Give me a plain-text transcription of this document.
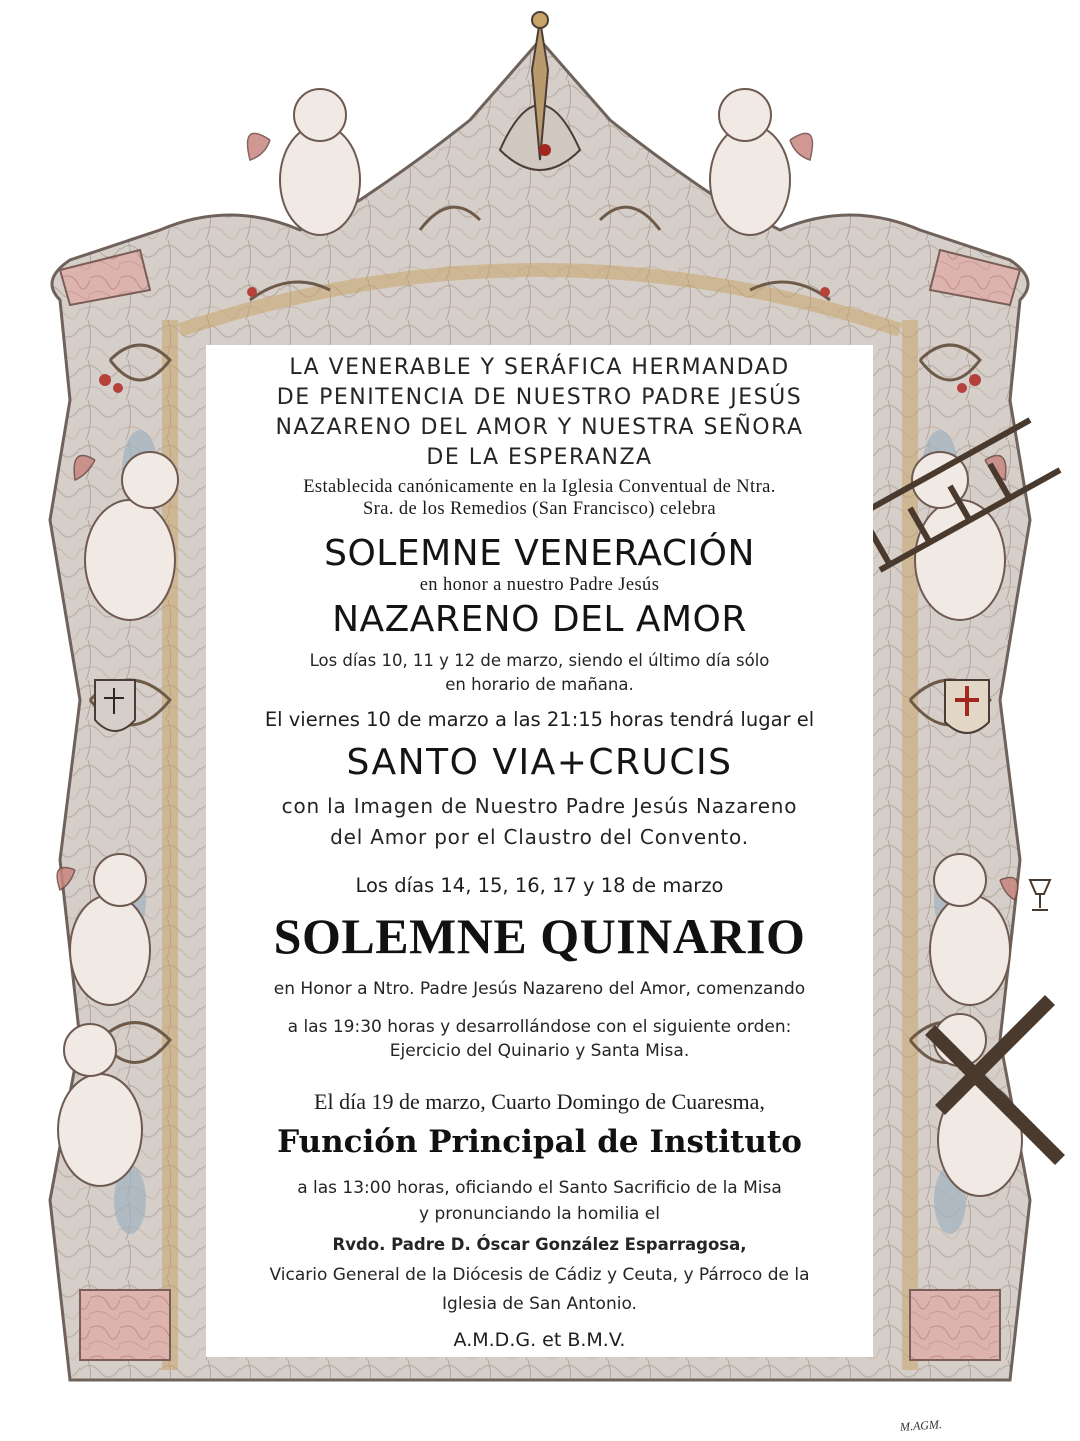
LA VENERABLE Y SERÁFICA HERMANDAD
DE PENITENCIA DE NUESTRO PADRE JESÚS
NAZARENO DEL AMOR Y NUESTRA SEÑORA
DE LA ESPERANZA
Establecida canónicamente en la Iglesia Conventual de Ntra.
Sra. de los Remedios (San Francisco) celebra
SOLEMNE VENERACIÓN
en honor a nuestro Padre Jesús
NAZARENO DEL AMOR
Los días 10, 11 y 12 de marzo, siendo el último día sólo
en horario de mañana.
El viernes 10 de marzo a las 21:15 horas tendrá lugar el
SANTO VIA+CRUCIS
con la Imagen de Nuestro Padre Jesús Nazareno
del Amor por el Claustro del Convento.
Los días 14, 15, 16, 17 y 18 de marzo
SOLEMNE QUINARIO
en Honor a Ntro. Padre Jesús Nazareno del Amor, comenzando
a las 19:30 horas y desarrollándose con el siguiente orden:
Ejercicio del Quinario y Santa Misa.
El día 19 de marzo, Cuarto Domingo de Cuaresma,
Función Principal de Instituto
a las 13:00 horas, oficiando el Santo Sacrificio de la Misa
y pronunciando la homilia el
Rvdo. Padre D. Óscar González Esparragosa,
Vicario General de la Diócesis de Cádiz y Ceuta, y Párroco de la
Iglesia de San Antonio.
A.M.D.G. et B.M.V.
M.AGM.
